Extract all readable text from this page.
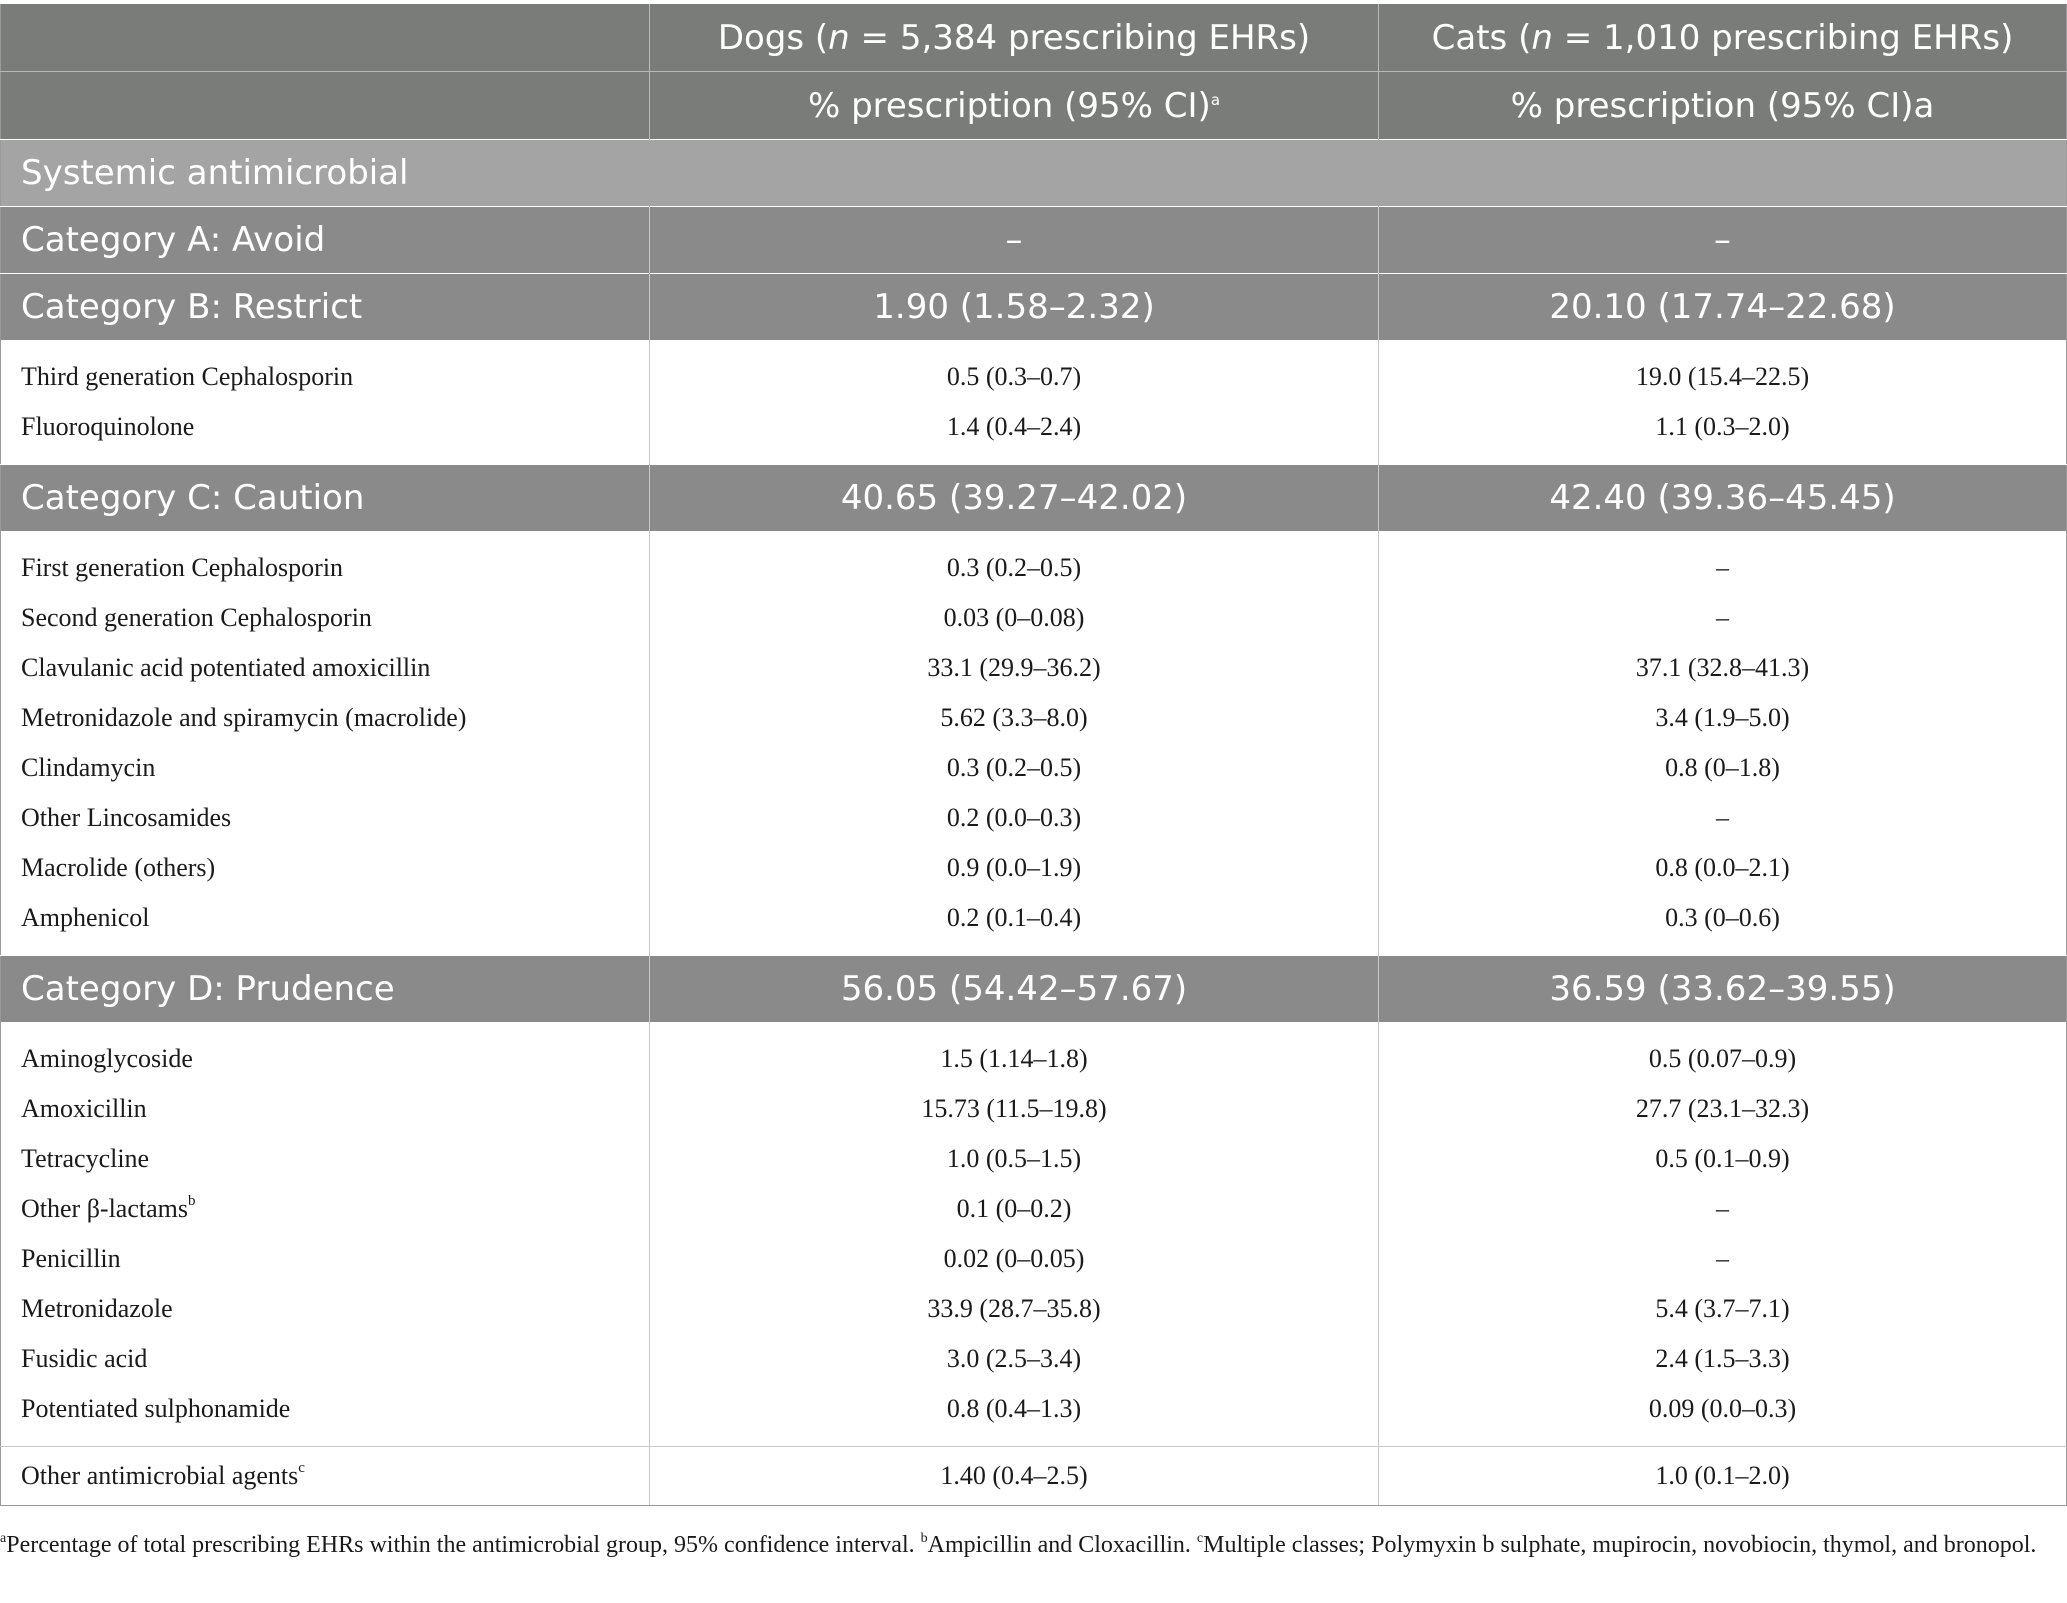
	Dogs (n = 5,384 prescribing EHRs)	Cats (n = 1,010 prescribing EHRs)
	% prescription (95% CI)$^a$	% prescription (95% CI)a
Systemic antimicrobial		
Category A: Avoid	–	–
Category B: Restrict	1.90 (1.58–2.32)	20.10 (17.74–22.68)
Third generation Cephalosporin	0.5 (0.3–0.7)	19.0 (15.4–22.5)
Fluoroquinolone	1.4 (0.4–2.4)	1.1 (0.3–2.0)
Category C: Caution	40.65 (39.27–42.02)	42.40 (39.36–45.45)
First generation Cephalosporin	0.3 (0.2–0.5)	–
Second generation Cephalosporin	0.03 (0–0.08)	–
Clavulanic acid potentiated amoxicillin	33.1 (29.9–36.2)	37.1 (32.8–41.3)
Metronidazole and spiramycin (macrolide)	5.62 (3.3–8.0)	3.4 (1.9–5.0)
Clindamycin	0.3 (0.2–0.5)	0.8 (0–1.8)
Other Lincosamides	0.2 (0.0–0.3)	–
Macrolide (others)	0.9 (0.0–1.9)	0.8 (0.0–2.1)
Amphenicol	0.2 (0.1–0.4)	0.3 (0–0.6)
Category D: Prudence	56.05 (54.42–57.67)	36.59 (33.62–39.55)
Aminoglycoside	1.5 (1.14–1.8)	0.5 (0.07–0.9)
Amoxicillin	15.73 (11.5–19.8)	27.7 (23.1–32.3)
Tetracycline	1.0 (0.5–1.5)	0.5 (0.1–0.9)
Other β-lactams$^b$	0.1 (0–0.2)	–
Penicillin	0.02 (0–0.05)	–
Metronidazole	33.9 (28.7–35.8)	5.4 (3.7–7.1)
Fusidic acid	3.0 (2.5–3.4)	2.4 (1.5–3.3)
Potentiated sulphonamide	0.8 (0.4–1.3)	0.09 (0.0–0.3)
Other antimicrobial agents$^c$	1.40 (0.4–2.5)	1.0 (0.1–2.0)
$^a$Percentage of total prescribing EHRs within the antimicrobial group, 95% confidence interval. $^b$Ampicillin and Cloxacillin. $^c$Multiple classes; Polymyxin b sulphate, mupirocin, novobiocin, thymol, and bronopol.
